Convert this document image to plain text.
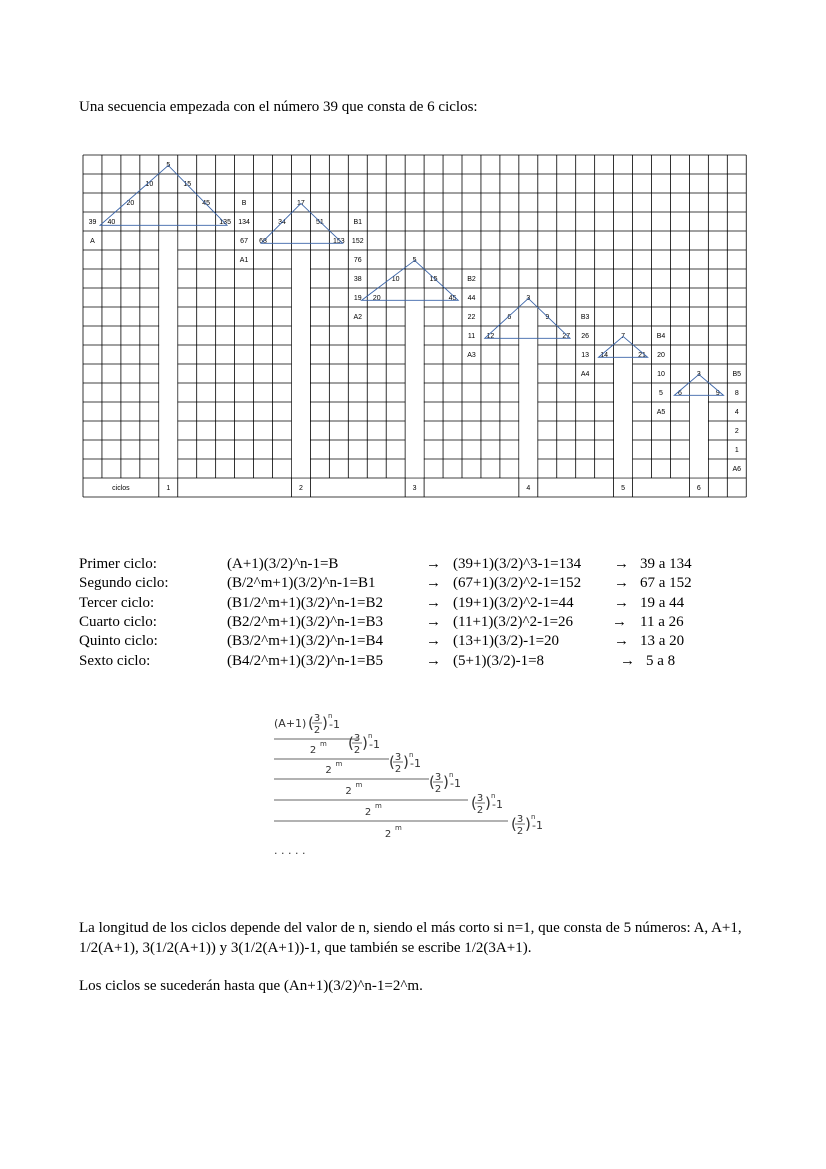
Una secuencia empezada con el número 39 que consta de 6 ciclos:
5
10	15
20	45	B	17
39 40	135 134	34	51	B1
A	67 68	153 152
A1	76	5
38	10	15	B2
19 20	45 44	3
A2	22	6	9	B3
11 12	27 26	7	B4
A3	13 14	21 20
A4	10	3	B5
5 6	9 8
A5	4
2
1
A6
ciclos	1	2	3	4	5	6
Primer ciclo:	(A+1)(3/2)^n-1=B	→ (39+1)(3/2)^3-1=134 → 39 a 134
Segundo ciclo:	(B/2^m+1)(3/2)^n-1=B1	→ (67+1)(3/2)^2-1=152 → 67 a 152
Tercer ciclo:	(B1/2^m+1)(3/2)^n-1=B2	→ (19+1)(3/2)^2-1=44	→ 19 a 44
Cuarto ciclo:	(B2/2^m+1)(3/2)^n-1=B3	→ (11+1)(3/2)^2-1=26	→ 11 a 26
Quinto ciclo:	(B3/2^m+1)(3/2)^n-1=B4	→ (13+1)(3/2)-1=20	→ 13 a 20
Sexto ciclo:	(B4/2^m+1)(3/2)^n-1=B5	→ (5+1)(3/2)-1=8	→ 5 a 8
(A+1) ( 3
2 ) n
-1
2
m ( 3
2 ) n
-1
2
m	( 3
2 ) n
-1
2
m	( 3
2 ) n
-1
2
m	( 3
2 ) n
-1
2
m	( 3
2 ) n
-1
. . . . .
La longitud de los ciclos depende del valor de n, siendo el más corto si n=1, que consta de 5 números: A, A+1, 1/2(A+1), 3(1/2(A+1)) y 3(1/2(A+1))-1, que también se escribe 1/2(3A+1).
Los ciclos se sucederán hasta que (An+1)(3/2)^n-1=2^m.
